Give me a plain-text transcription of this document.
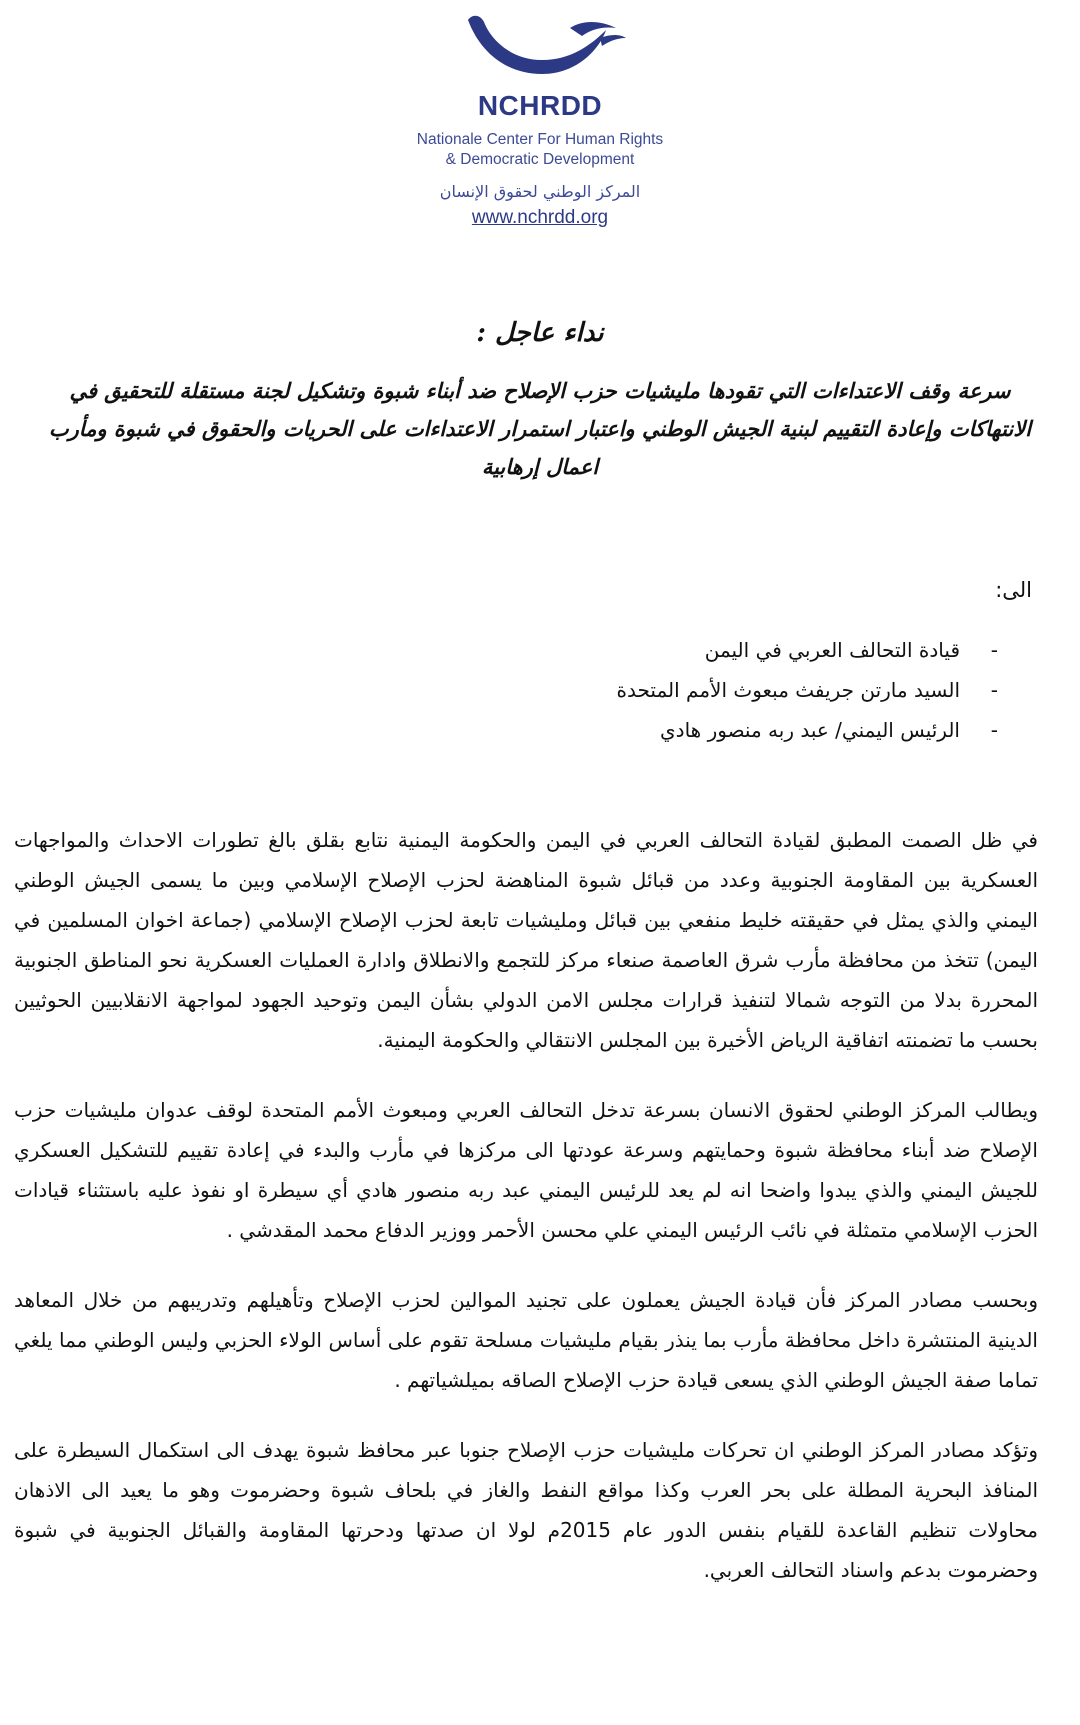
NCHRDD
Nationale Center For Human Rights
& Democratic Development
المركز الوطني لحقوق الإنسان
www.nchrdd.org
نداء عاجل :
سرعة وقف الاعتداءات التي تقودها مليشيات حزب الإصلاح ضد أبناء شبوة وتشكيل لجنة مستقلة للتحقيق في الانتهاكات وإعادة التقييم لبنية الجيش الوطني واعتبار استمرار الاعتداءات على الحريات والحقوق في شبوة ومأرب اعمال إرهابية
الى:
-قيادة التحالف العربي في اليمن
-السيد مارتن جريفث مبعوث الأمم المتحدة
-الرئيس اليمني/ عبد ربه منصور هادي

في ظل الصمت المطبق لقيادة التحالف العربي في اليمن والحكومة اليمنية نتابع بقلق بالغ تطورات الاحداث والمواجهات العسكرية بين المقاومة الجنوبية وعدد من قبائل شبوة المناهضة لحزب الإصلاح الإسلامي وبين ما يسمى الجيش الوطني اليمني والذي يمثل في حقيقته خليط منفعي بين قبائل ومليشيات تابعة لحزب الإصلاح الإسلامي (جماعة اخوان المسلمين في اليمن) تتخذ من محافظة مأرب شرق العاصمة صنعاء مركز للتجمع والانطلاق وادارة العمليات العسكرية نحو المناطق الجنوبية المحررة بدلا من التوجه شمالا لتنفيذ قرارات مجلس الامن الدولي بشأن اليمن وتوحيد الجهود لمواجهة الانقلابيين الحوثيين بحسب ما تضمنته اتفاقية الرياض الأخيرة بين المجلس الانتقالي والحكومة اليمنية.

ويطالب المركز الوطني لحقوق الانسان بسرعة تدخل التحالف العربي ومبعوث الأمم المتحدة لوقف عدوان مليشيات حزب الإصلاح ضد أبناء محافظة شبوة وحمايتهم وسرعة عودتها الى مركزها في مأرب والبدء في إعادة تقييم للتشكيل العسكري للجيش اليمني والذي يبدوا واضحا انه لم يعد للرئيس اليمني عبد ربه منصور هادي أي سيطرة او نفوذ عليه باستثناء قيادات الحزب الإسلامي متمثلة في نائب الرئيس اليمني علي محسن الأحمر ووزير الدفاع محمد المقدشي .

وبحسب مصادر المركز فأن قيادة الجيش يعملون على تجنيد الموالين لحزب الإصلاح وتأهيلهم وتدريبهم من خلال المعاهد الدينية المنتشرة داخل محافظة مأرب بما ينذر بقيام مليشيات مسلحة تقوم على أساس الولاء الحزبي وليس الوطني مما يلغي تماما صفة الجيش الوطني الذي يسعى قيادة حزب الإصلاح الصاقه بميلشياتهم .

وتؤكد مصادر المركز الوطني ان تحركات مليشيات حزب الإصلاح جنوبا عبر محافظ شبوة يهدف الى استكمال السيطرة على المنافذ البحرية المطلة على بحر العرب وكذا مواقع النفط والغاز في بلحاف شبوة وحضرموت وهو ما يعيد الى الاذهان محاولات تنظيم القاعدة للقيام بنفس الدور عام 2015م لولا ان صدتها ودحرتها المقاومة والقبائل الجنوبية في شبوة وحضرموت بدعم واسناد التحالف العربي.
